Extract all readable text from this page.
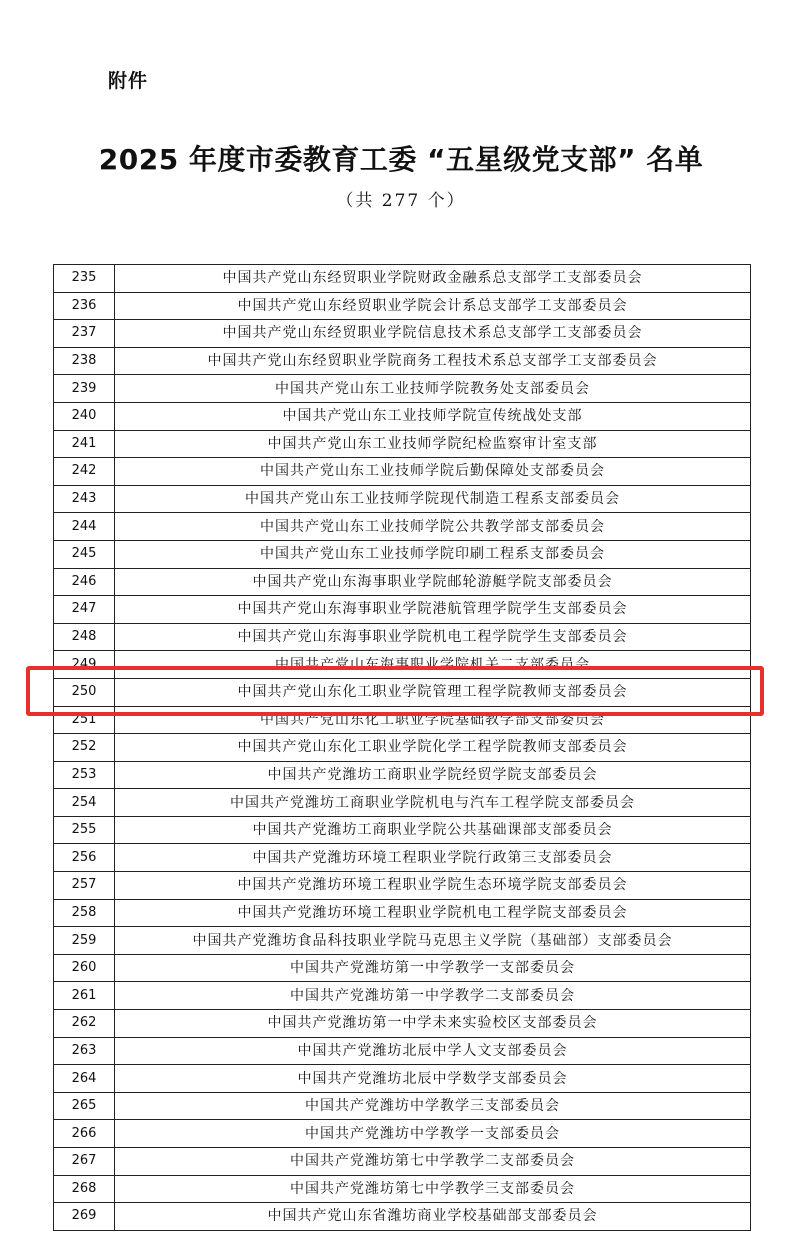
附件
2025 年度市委教育工委 “五星级党支部” 名单
（共 277 个）
235	中国共产党山东经贸职业学院财政金融系总支部学工支部委员会
236	中国共产党山东经贸职业学院会计系总支部学工支部委员会
237	中国共产党山东经贸职业学院信息技术系总支部学工支部委员会
238	中国共产党山东经贸职业学院商务工程技术系总支部学工支部委员会
239	中国共产党山东工业技师学院教务处支部委员会
240	中国共产党山东工业技师学院宣传统战处支部
241	中国共产党山东工业技师学院纪检监察审计室支部
242	中国共产党山东工业技师学院后勤保障处支部委员会
243	中国共产党山东工业技师学院现代制造工程系支部委员会
244	中国共产党山东工业技师学院公共教学部支部委员会
245	中国共产党山东工业技师学院印刷工程系支部委员会
246	中国共产党山东海事职业学院邮轮游艇学院支部委员会
247	中国共产党山东海事职业学院港航管理学院学生支部委员会
248	中国共产党山东海事职业学院机电工程学院学生支部委员会
249	中国共产党山东海事职业学院机关二支部委员会
250	中国共产党山东化工职业学院管理工程学院教师支部委员会
251	中国共产党山东化工职业学院基础教学部支部委员会
252	中国共产党山东化工职业学院化学工程学院教师支部委员会
253	中国共产党潍坊工商职业学院经贸学院支部委员会
254	中国共产党潍坊工商职业学院机电与汽车工程学院支部委员会
255	中国共产党潍坊工商职业学院公共基础课部支部委员会
256	中国共产党潍坊环境工程职业学院行政第三支部委员会
257	中国共产党潍坊环境工程职业学院生态环境学院支部委员会
258	中国共产党潍坊环境工程职业学院机电工程学院支部委员会
259	中国共产党潍坊食品科技职业学院马克思主义学院（基础部）支部委员会
260	中国共产党潍坊第一中学教学一支部委员会
261	中国共产党潍坊第一中学教学二支部委员会
262	中国共产党潍坊第一中学未来实验校区支部委员会
263	中国共产党潍坊北辰中学人文支部委员会
264	中国共产党潍坊北辰中学数学支部委员会
265	中国共产党潍坊中学教学三支部委员会
266	中国共产党潍坊中学教学一支部委员会
267	中国共产党潍坊第七中学教学二支部委员会
268	中国共产党潍坊第七中学教学三支部委员会
269	中国共产党山东省潍坊商业学校基础部支部委员会
